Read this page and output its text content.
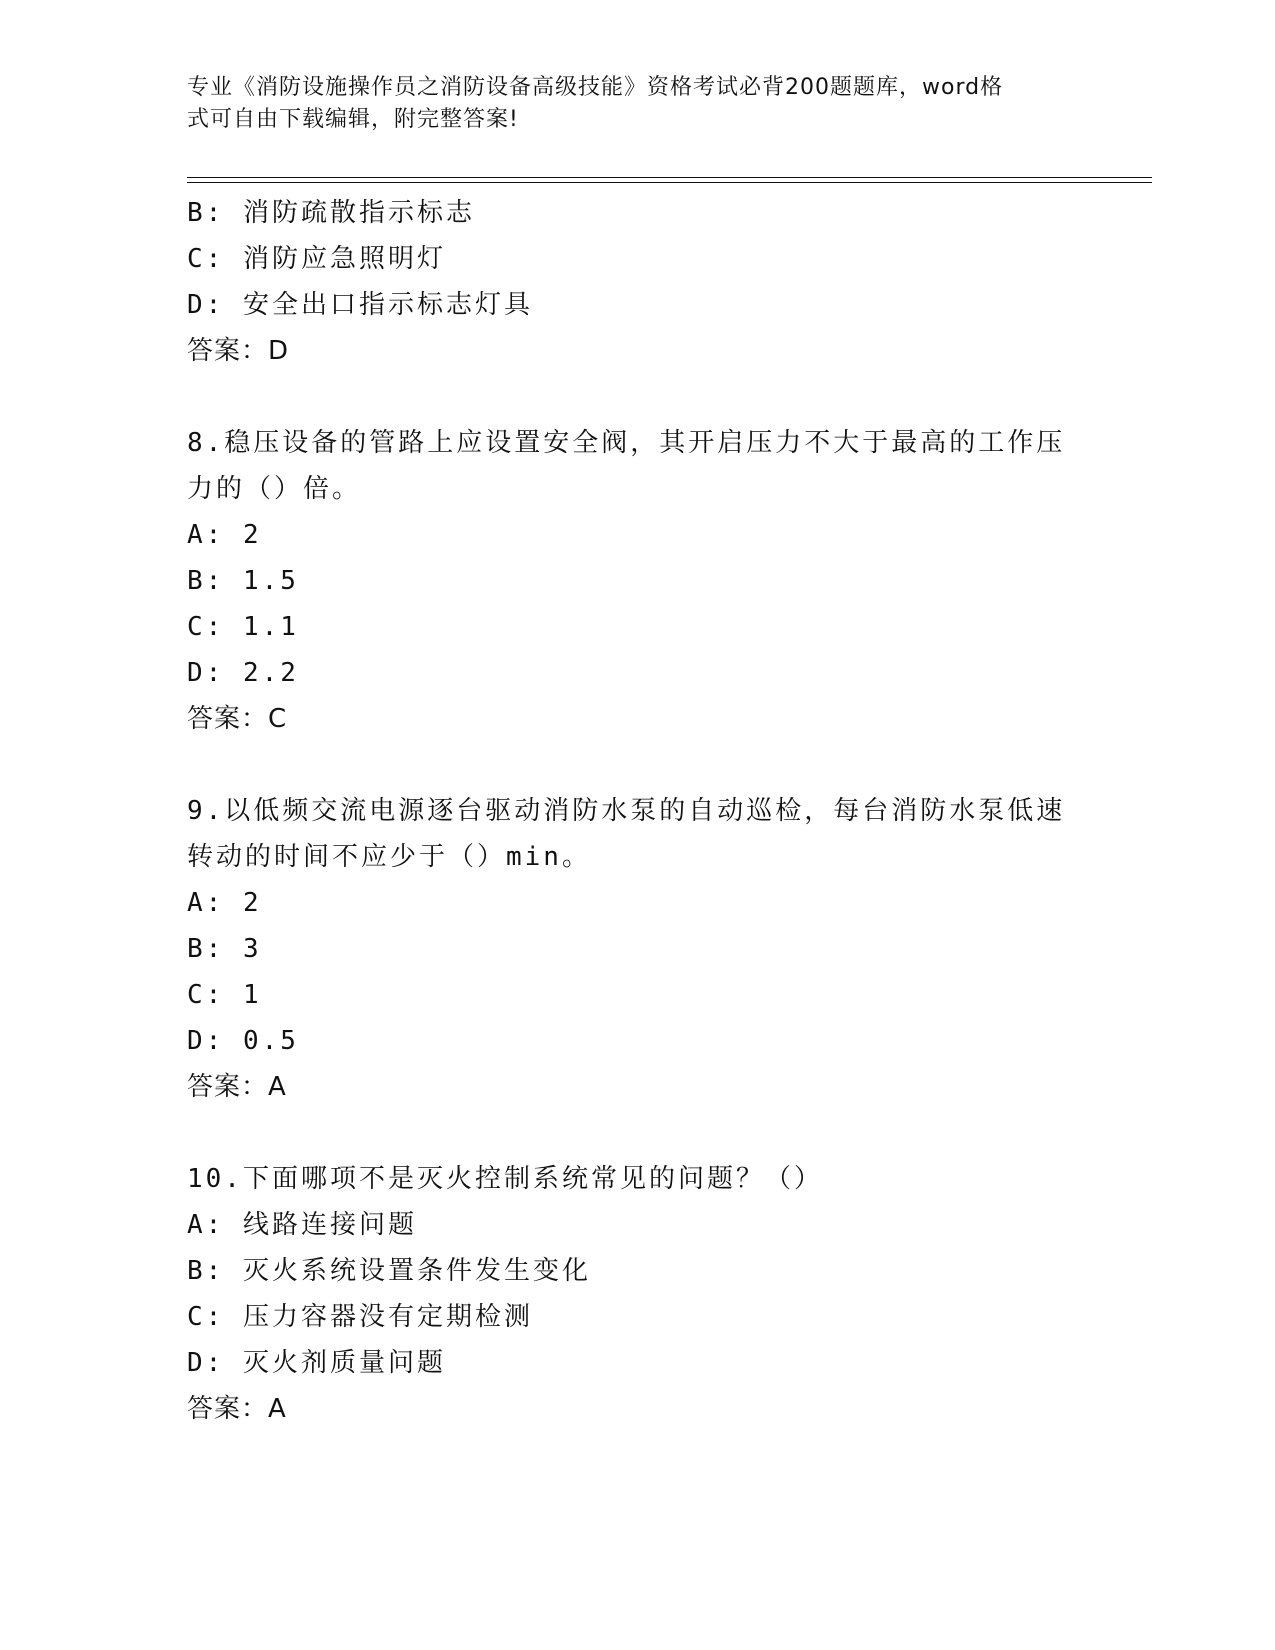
专业《消防设施操作员之消防设备高级技能》资格考试必背200题题库，word格
式可自由下载编辑，附完整答案!
B: 消防疏散指示标志
C: 消防应急照明灯
D: 安全出口指示标志灯具
答案：D
8.稳压设备的管路上应设置安全阀，其开启压力不大于最高的工作压
力的（）倍。
A: 2
B: 1.5
C: 1.1
D: 2.2
答案：C
9.以低频交流电源逐台驱动消防水泵的自动巡检，每台消防水泵低速
转动的时间不应少于（）min。
A: 2
B: 3
C: 1
D: 0.5
答案：A
10.下面哪项不是灭火控制系统常见的问题？（）
A: 线路连接问题
B: 灭火系统设置条件发生变化
C: 压力容器没有定期检测
D: 灭火剂质量问题
答案：A
